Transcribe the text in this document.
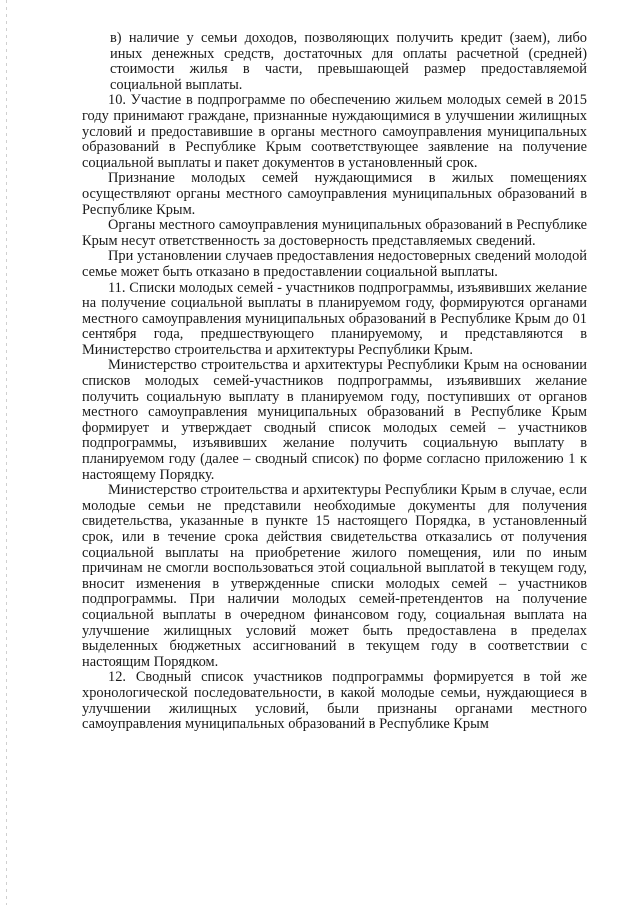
в) наличие у семьи доходов, позволяющих получить кредит (заем), либо иных денежных средств, достаточных для оплаты расчетной (средней) стоимости жилья в части, превышающей размер предоставляемой социальной выплаты.

10. Участие в подпрограмме по обеспечению жильем молодых семей в 2015 году принимают граждане, признанные нуждающимися в улучшении жилищных условий и предоставившие в органы местного самоуправления муниципальных образований в Республике Крым соответствующее заявление на получение социальной выплаты и пакет документов в установленный срок.

Признание молодых семей нуждающимися в жилых помещениях осуществляют органы местного самоуправления муниципальных образований в Республике Крым.

Органы местного самоуправления муниципальных образований в Республике Крым несут ответственность за достоверность представляемых сведений.

При установлении случаев предоставления недостоверных сведений молодой семье может быть отказано в предоставлении социальной выплаты.

11. Списки молодых семей - участников подпрограммы, изъявивших желание на получение социальной выплаты в планируемом году, формируются органами местного самоуправления муниципальных образований в Республике Крым до 01 сентября года, предшествующего планируемому, и представляются в Министерство строительства и архитектуры Республики Крым.

Министерство строительства и архитектуры Республики Крым на основании списков молодых семей-участников подпрограммы, изъявивших желание получить социальную выплату в планируемом году, поступивших от органов местного самоуправления муниципальных образований в Республике Крым формирует и утверждает сводный список молодых семей – участников подпрограммы, изъявивших желание получить социальную выплату в планируемом году (далее – сводный список) по форме согласно приложению 1 к настоящему Порядку.

Министерство строительства и архитектуры Республики Крым в случае, если молодые семьи не представили необходимые документы для получения свидетельства, указанные в пункте 15 настоящего Порядка, в установленный срок, или в течение срока действия свидетельства отказались от получения социальной выплаты на приобретение жилого помещения, или по иным причинам не смогли воспользоваться этой социальной выплатой в текущем году, вносит изменения в утвержденные списки молодых семей – участников подпрограммы. При наличии молодых семей-претендентов на получение социальной выплаты в очередном финансовом году, социальная выплата на улучшение жилищных условий может быть предоставлена в пределах выделенных бюджетных ассигнований в текущем году в соответствии с настоящим Порядком.

12. Сводный список участников подпрограммы формируется в той же хронологической последовательности, в какой молодые семьи, нуждающиеся в улучшении жилищных условий, были признаны органами местного самоуправления муниципальных образований в Республике Крым
